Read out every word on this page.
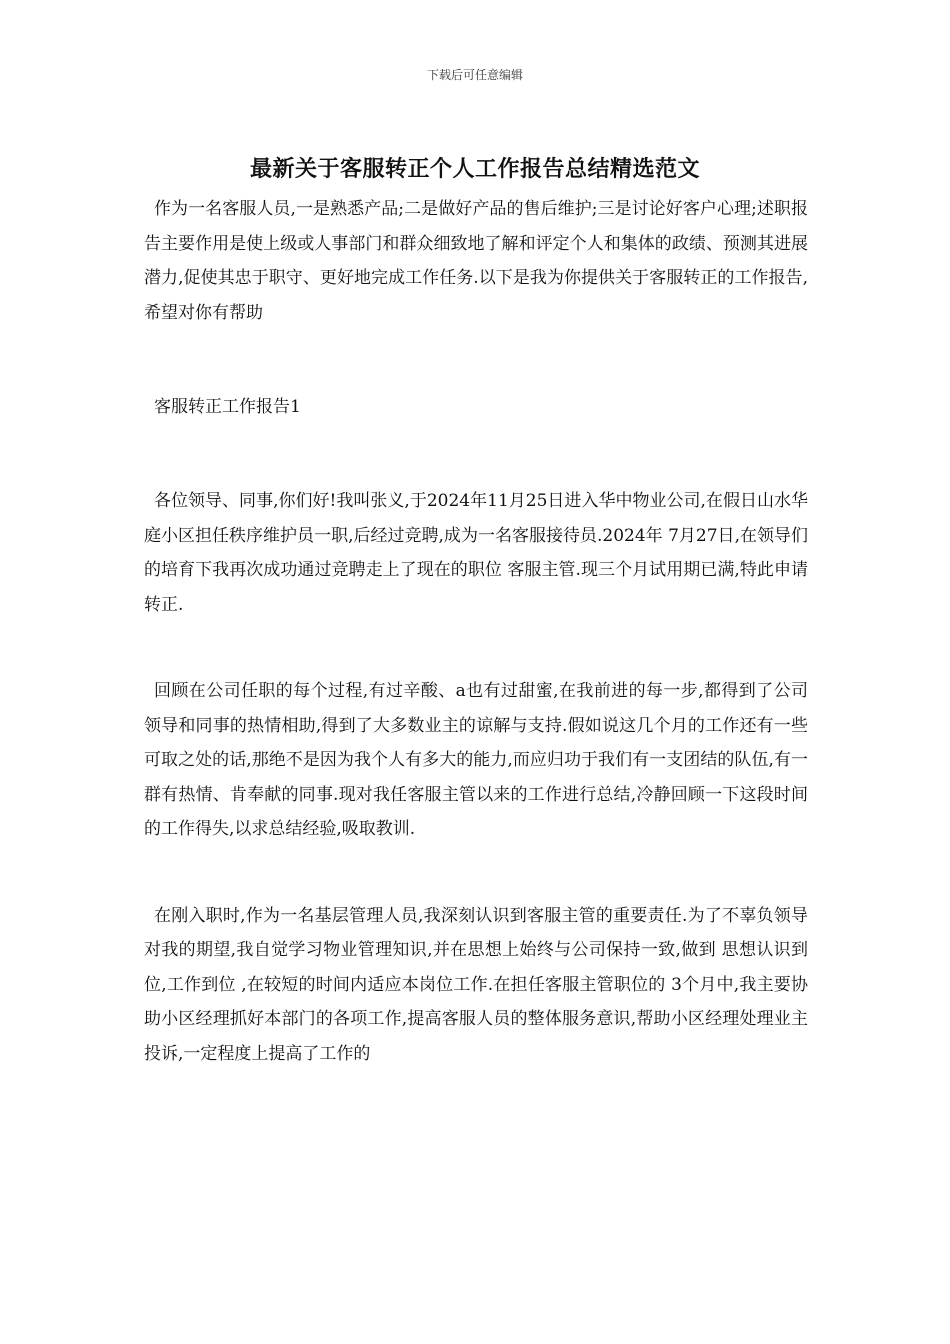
下载后可任意编辑
最新关于客服转正个人工作报告总结精选范文

作为一名客服人员,一是熟悉产品;二是做好产品的售后维护;三是讨论好客户心理;述职报告主要作用是使上级或人事部门和群众细致地了解和评定个人和集体的政绩、预测其进展潜力,促使其忠于职守、更好地完成工作任务.以下是我为你提供关于客服转正的工作报告,希望对你有帮助

客服转正工作报告1

各位领导、同事,你们好!我叫张义,于2024年11月25日进入华中物业公司,在假日山水华庭小区担任秩序维护员一职,后经过竞聘,成为一名客服接待员.2024年 7月27日,在领导们的培育下我再次成功通过竞聘走上了现在的职位 客服主管.现三个月试用期已满,特此申请转正.

回顾在公司任职的每个过程,有过辛酸、a也有过甜蜜,在我前进的每一步,都得到了公司领导和同事的热情相助,得到了大多数业主的谅解与支持.假如说这几个月的工作还有一些可取之处的话,那绝不是因为我个人有多大的能力,而应归功于我们有一支团结的队伍,有一群有热情、肯奉献的同事.现对我任客服主管以来的工作进行总结,冷静回顾一下这段时间的工作得失,以求总结经验,吸取教训.

在刚入职时,作为一名基层管理人员,我深刻认识到客服主管的重要责任.为了不辜负领导对我的期望,我自觉学习物业管理知识,并在思想上始终与公司保持一致,做到 思想认识到位,工作到位 ,在较短的时间内适应本岗位工作.在担任客服主管职位的 3个月中,我主要协助小区经理抓好本部门的各项工作,提高客服人员的整体服务意识,帮助小区经理处理业主投诉,一定程度上提高了工作的
